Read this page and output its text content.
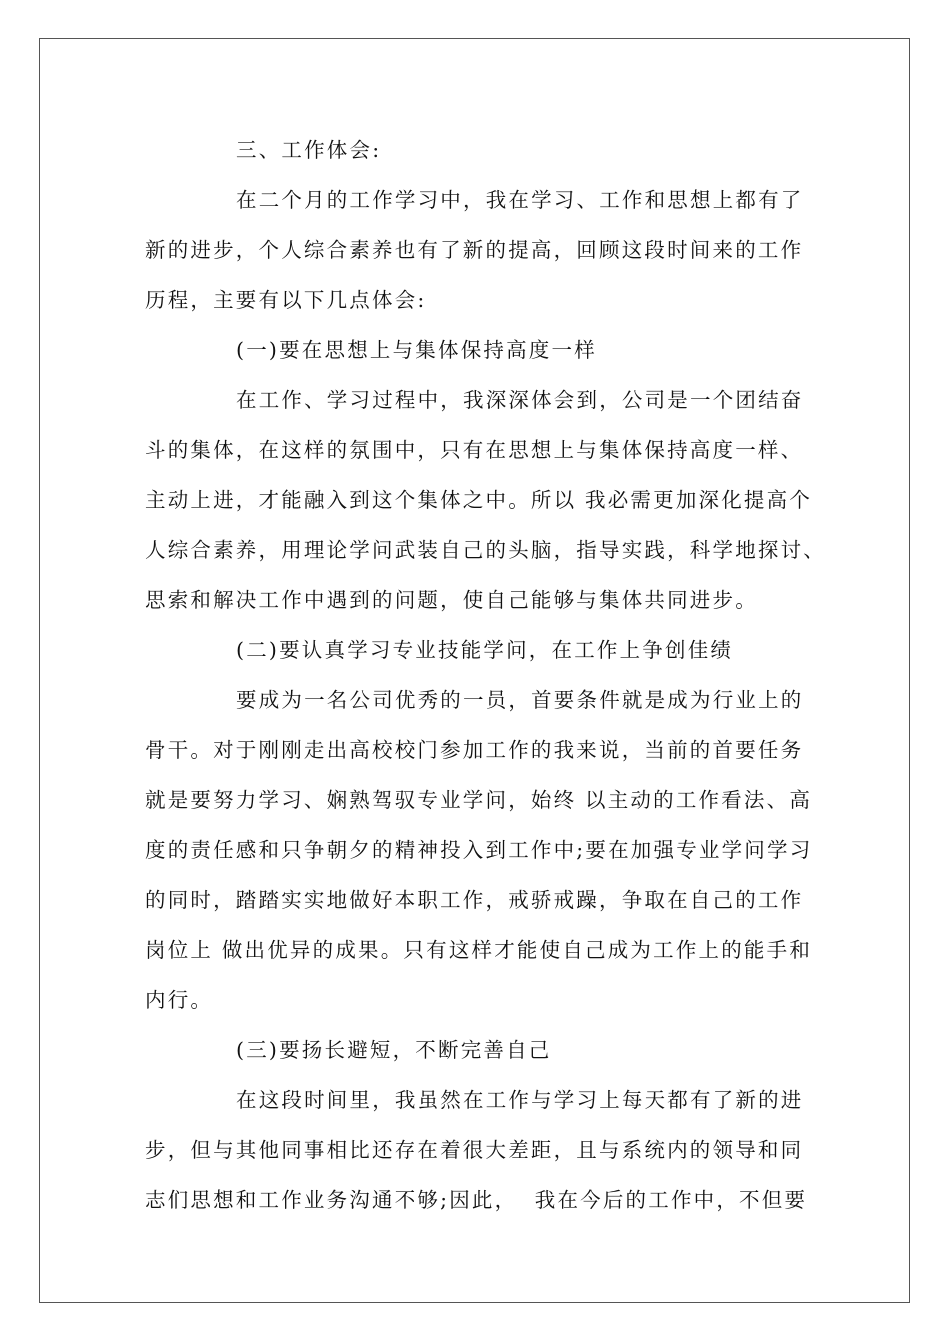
三、工作体会:
在二个月的工作学习中，我在学习、工作和思想上都有了
新的进步，个人综合素养也有了新的提高，回顾这段时间来的工作
历程，主要有以下几点体会:
(一)要在思想上与集体保持高度一样
在工作、学习过程中，我深深体会到，公司是一个团结奋
斗的集体，在这样的氛围中，只有在思想上与集体保持高度一样、
主动上进，才能融入到这个集体之中。所以 我必需更加深化提高个
人综合素养，用理论学问武装自己的头脑，指导实践，科学地探讨、
思索和解决工作中遇到的问题，使自己能够与集体共同进步。
(二)要认真学习专业技能学问，在工作上争创佳绩
要成为一名公司优秀的一员，首要条件就是成为行业上的
骨干。对于刚刚走出高校校门参加工作的我来说，当前的首要任务
就是要努力学习、娴熟驾驭专业学问，始终 以主动的工作看法、高
度的责任感和只争朝夕的精神投入到工作中;要在加强专业学问学习
的同时，踏踏实实地做好本职工作，戒骄戒躁，争取在自己的工作
岗位上 做出优异的成果。只有这样才能使自己成为工作上的能手和
内行。
(三)要扬长避短，不断完善自己
在这段时间里，我虽然在工作与学习上每天都有了新的进
步，但与其他同事相比还存在着很大差距，且与系统内的领导和同
志们思想和工作业务沟通不够;因此，  我在今后的工作中，不但要
